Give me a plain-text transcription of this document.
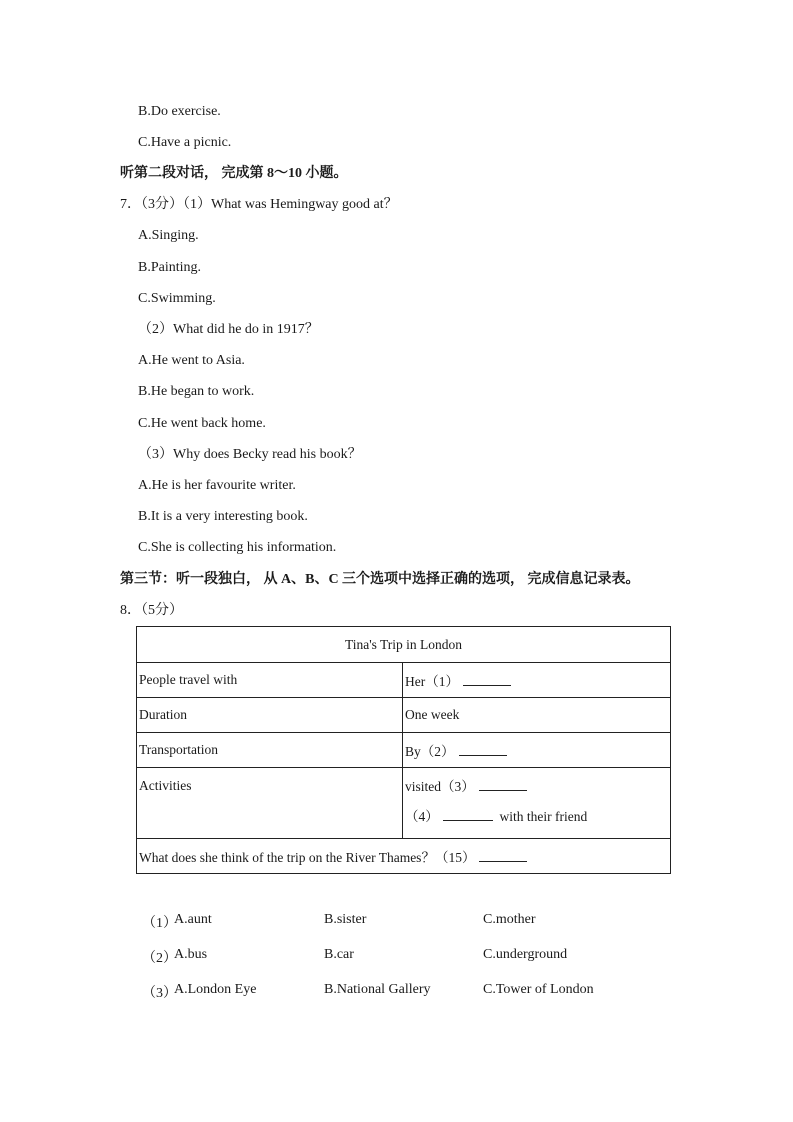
B.Do exercise.
C.Have a picnic.
听第二段对话， 完成第 8～10 小题。
7．（3分）（1）What was Hemingway good at？
A.Singing.
B.Painting.
C.Swimming.
（2）What did he do in 1917？
A.He went to Asia.
B.He began to work.
C.He went back home.
（3）Why does Becky read his book？
A.He is her favourite writer.
B.It is a very interesting book.
C.She is collecting his information.
第三节：听一段独白， 从 A、B、C 三个选项中选择正确的选项， 完成信息记录表。
8．（5分）
Tina's Trip in London	
People travel with	Her（1）
Duration	One week
Transportation	By（2）
Activities	visited（3）
（4） with their friend

What does she think of the trip on the River Thames？（15）	
（1）
A.aunt	B.sister	C.mother
（2）
A.bus	B.car	C.underground
（3）
A.London Eye	B.National Gallery	C.Tower of London
